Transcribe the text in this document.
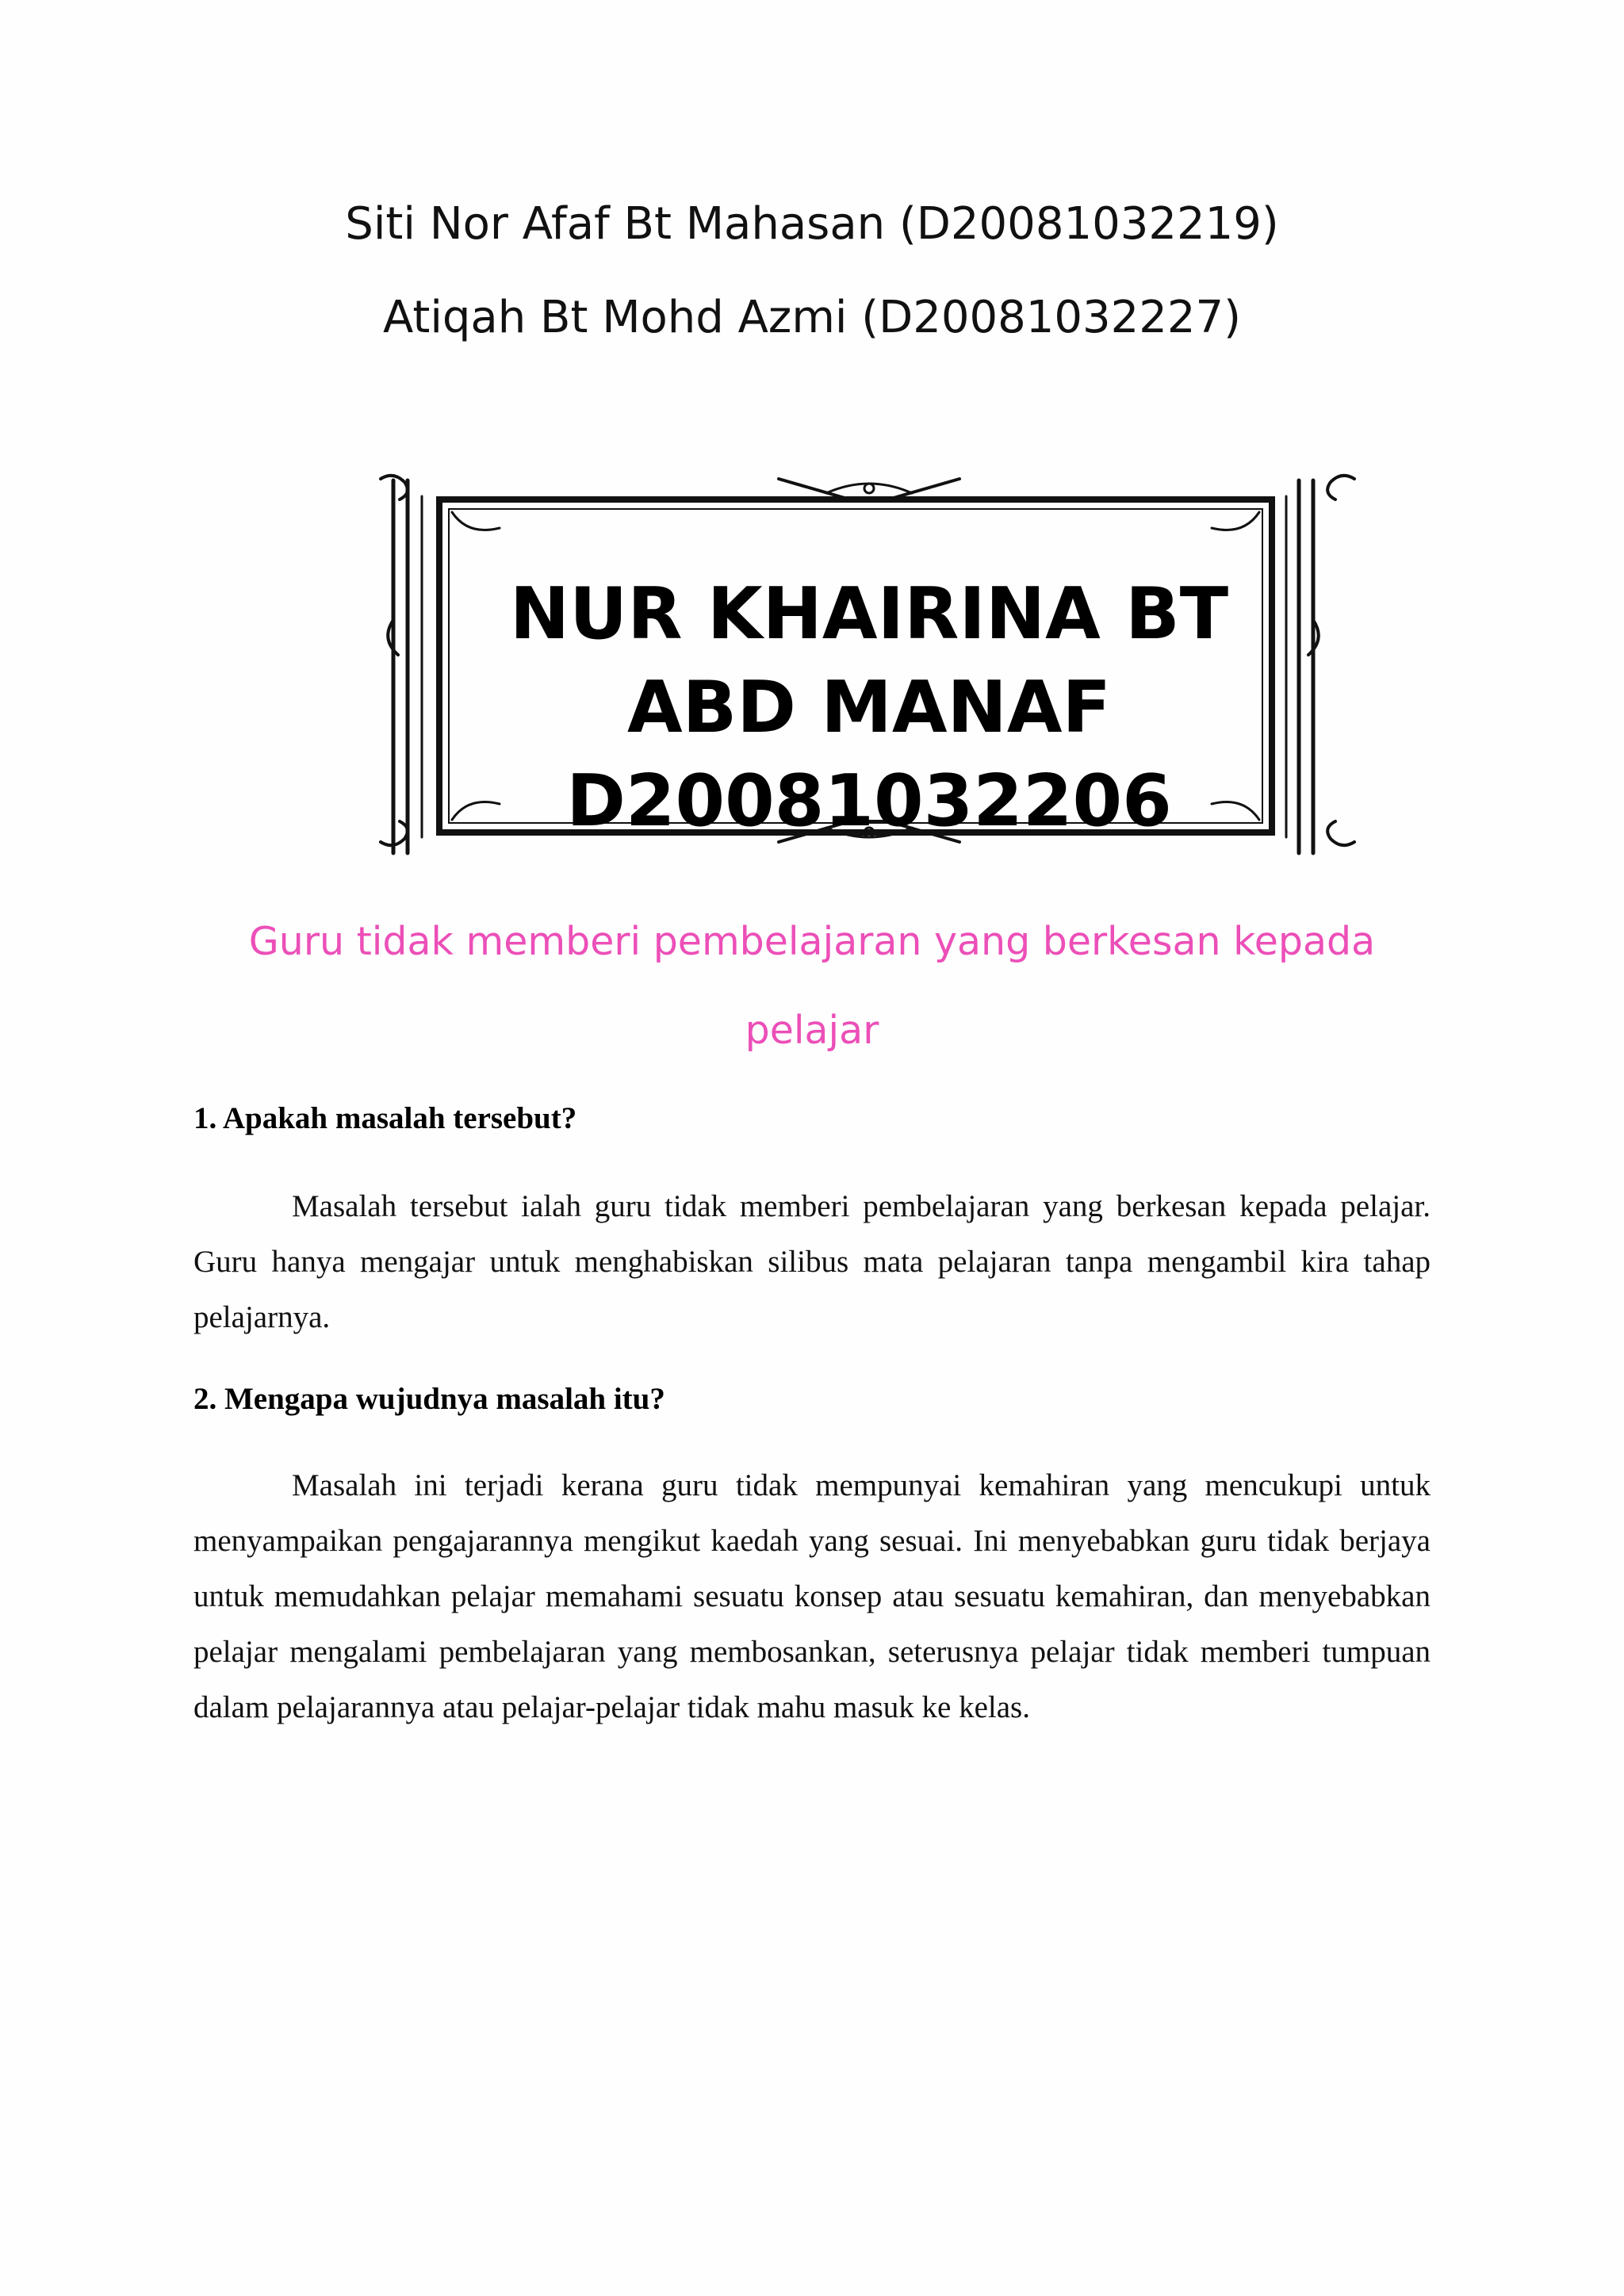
Siti Nor Afaf Bt Mahasan (D20081032219)
Atiqah Bt Mohd Azmi (D20081032227)
NUR KHAIRINA BT
ABD MANAF
D20081032206
Guru tidak memberi pembelajaran yang berkesan kepada pelajar
1. Apakah masalah tersebut?

Masalah tersebut ialah guru tidak memberi pembelajaran yang berkesan kepada pelajar. Guru hanya mengajar untuk menghabiskan silibus mata pelajaran tanpa mengambil kira tahap pelajarnya.

2. Mengapa wujudnya masalah itu?

Masalah ini terjadi kerana guru tidak mempunyai kemahiran yang mencukupi untuk menyampaikan pengajarannya mengikut kaedah yang sesuai. Ini menyebabkan guru tidak berjaya untuk memudahkan pelajar memahami sesuatu konsep atau sesuatu kemahiran, dan menyebabkan pelajar mengalami pembelajaran yang membosankan, seterusnya pelajar tidak memberi tumpuan dalam pelajarannya atau pelajar-pelajar tidak mahu masuk ke kelas.
